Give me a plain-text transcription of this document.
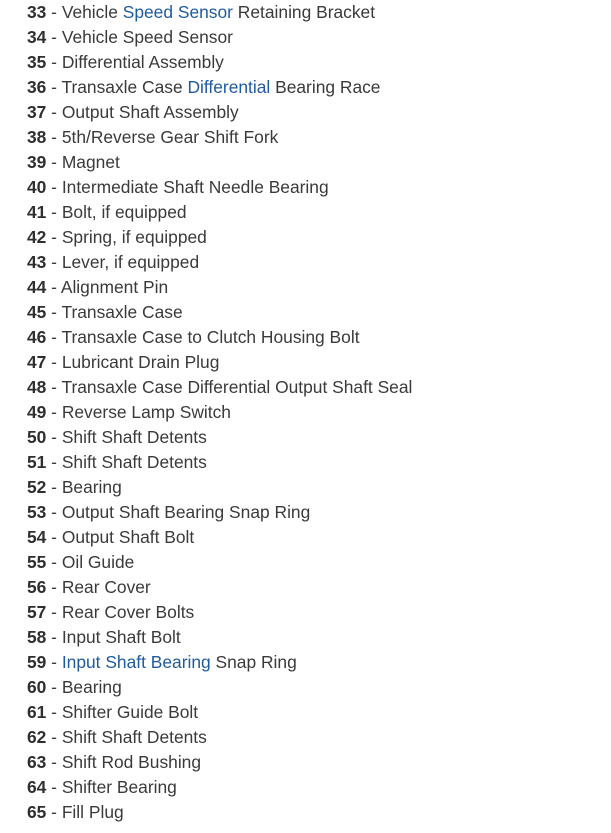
33 - Vehicle Speed Sensor Retaining Bracket
34 - Vehicle Speed Sensor
35 - Differential Assembly
36 - Transaxle Case Differential Bearing Race
37 - Output Shaft Assembly
38 - 5th/Reverse Gear Shift Fork
39 - Magnet
40 - Intermediate Shaft Needle Bearing
41 - Bolt, if equipped
42 - Spring, if equipped
43 - Lever, if equipped
44 - Alignment Pin
45 - Transaxle Case
46 - Transaxle Case to Clutch Housing Bolt
47 - Lubricant Drain Plug
48 - Transaxle Case Differential Output Shaft Seal
49 - Reverse Lamp Switch
50 - Shift Shaft Detents
51 - Shift Shaft Detents
52 - Bearing
53 - Output Shaft Bearing Snap Ring
54 - Output Shaft Bolt
55 - Oil Guide
56 - Rear Cover
57 - Rear Cover Bolts
58 - Input Shaft Bolt
59 - Input Shaft Bearing Snap Ring
60 - Bearing
61 - Shifter Guide Bolt
62 - Shift Shaft Detents
63 - Shift Rod Bushing
64 - Shifter Bearing
65 - Fill Plug
